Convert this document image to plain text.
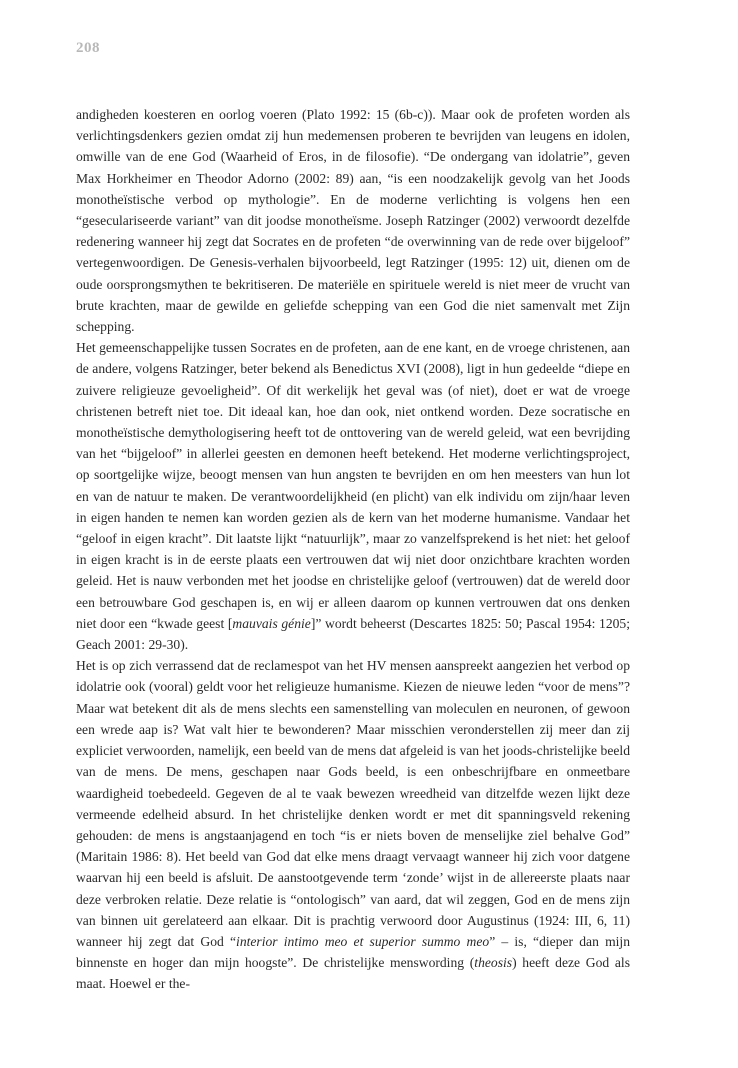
208

andigheden koesteren en oorlog voeren (Plato 1992: 15 (6b-c)). Maar ook de profeten worden als verlichtingsdenkers gezien omdat zij hun medemensen proberen te bevrijden van leugens en idolen, omwille van de ene God (Waarheid of Eros, in de filosofie). “De ondergang van idolatrie”, geven Max Horkheimer en Theodor Adorno (2002: 89) aan, “is een noodzakelijk gevolg van het Joods monotheïstische verbod op mythologie”. En de moderne verlichting is volgens hen een “geseculariseerde variant” van dit joodse monotheïsme. Joseph Ratzinger (2002) verwoordt dezelfde redenering wanneer hij zegt dat Socrates en de profeten “de overwinning van de rede over bijgeloof” vertegenwoordigen. De Genesis-verhalen bijvoorbeeld, legt Ratzinger (1995: 12) uit, dienen om de oude oorsprongsmythen te bekritiseren. De materiële en spirituele wereld is niet meer de vrucht van brute krachten, maar de gewilde en geliefde schepping van een God die niet samenvalt met Zijn schepping.

Het gemeenschappelijke tussen Socrates en de profeten, aan de ene kant, en de vroege christenen, aan de andere, volgens Ratzinger, beter bekend als Benedictus XVI (2008), ligt in hun gedeelde “diepe en zuivere religieuze gevoeligheid”. Of dit werkelijk het geval was (of niet), doet er wat de vroege christenen betreft niet toe. Dit ideaal kan, hoe dan ook, niet ontkend worden. Deze socratische en monotheïstische demythologisering heeft tot de onttovering van de wereld geleid, wat een bevrijding van het “bijgeloof” in allerlei geesten en demonen heeft betekend. Het moderne verlichtingsproject, op soortgelijke wijze, beoogt mensen van hun angsten te bevrijden en om hen meesters van hun lot en van de natuur te maken. De verantwoordelijkheid (en plicht) van elk individu om zijn/haar leven in eigen handen te nemen kan worden gezien als de kern van het moderne humanisme. Vandaar het “geloof in eigen kracht”. Dit laatste lijkt “natuurlijk”, maar zo vanzelfsprekend is het niet: het geloof in eigen kracht is in de eerste plaats een vertrouwen dat wij niet door onzichtbare krachten worden geleid. Het is nauw verbonden met het joodse en christelijke geloof (vertrouwen) dat de wereld door een betrouwbare God geschapen is, en wij er alleen daarom op kunnen vertrouwen dat ons denken niet door een “kwade geest [mauvais génie]” wordt beheerst (Descartes 1825: 50; Pascal 1954: 1205; Geach 2001: 29-30).

Het is op zich verrassend dat de reclamespot van het HV mensen aanspreekt aangezien het verbod op idolatrie ook (vooral) geldt voor het religieuze humanisme. Kiezen de nieuwe leden “voor de mens”? Maar wat betekent dit als de mens slechts een samenstelling van moleculen en neuronen, of gewoon een wrede aap is? Wat valt hier te bewonderen? Maar misschien veronderstellen zij meer dan zij expliciet verwoorden, namelijk, een beeld van de mens dat afgeleid is van het joods-christelijke beeld van de mens. De mens, geschapen naar Gods beeld, is een onbeschrijfbare en onmeetbare waardigheid toebedeeld. Gegeven de al te vaak bewezen wreedheid van ditzelfde wezen lijkt deze vermeende edelheid absurd. In het christelijke denken wordt er met dit spanningsveld rekening gehouden: de mens is angstaanjagend en toch “is er niets boven de menselijke ziel behalve God” (Maritain 1986: 8). Het beeld van God dat elke mens draagt vervaagt wanneer hij zich voor datgene waarvan hij een beeld is afsluit. De aanstootgevende term ‘zonde’ wijst in de allereerste plaats naar deze verbroken relatie. Deze relatie is “ontologisch” van aard, dat wil zeggen, God en de mens zijn van binnen uit gerelateerd aan elkaar. Dit is prachtig verwoord door Augustinus (1924: III, 6, 11) wanneer hij zegt dat God “interior intimo meo et superior summo meo” – is, “dieper dan mijn binnenste en hoger dan mijn hoogste”. De christelijke menswording (theosis) heeft deze God als maat. Hoewel er the-
